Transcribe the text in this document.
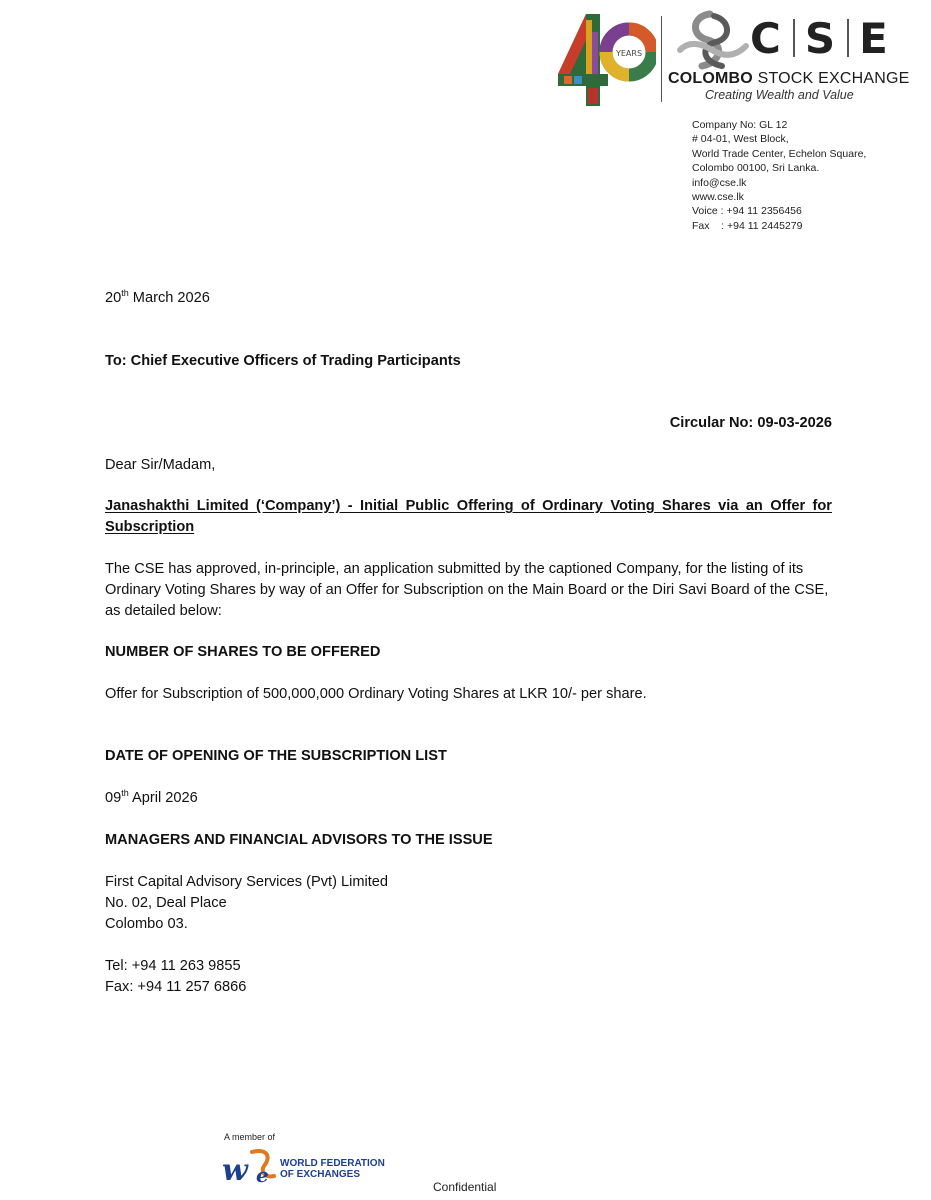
YEARS	C S E
COLOMBO STOCK EXCHANGE
Creating Wealth and Value
Company No: GL 12
# 04-01, West Block,
World Trade Center, Echelon Square,
Colombo 00100, Sri Lanka.
info@cse.lk
www.cse.lk
Voice : +94 11 2356456
Fax    : +94 11 2445279
20th March 2026
To: Chief Executive Officers of Trading Participants
Circular No: 09-03-2026
Dear Sir/Madam,
Janashakthi Limited (‘Company’) - Initial Public Offering of Ordinary Voting Shares via an Offer for Subscription
The CSE has approved, in-principle, an application submitted by the captioned Company, for the listing of its Ordinary Voting Shares by way of an Offer for Subscription on the Main Board or the Diri Savi Board of the CSE, as detailed below:
NUMBER OF SHARES TO BE OFFERED
Offer for Subscription of 500,000,000 Ordinary Voting Shares at LKR 10/- per share.
DATE OF OPENING OF THE SUBSCRIPTION LIST
09th April 2026
MANAGERS AND FINANCIAL ADVISORS TO THE ISSUE
First Capital Advisory Services (Pvt) Limited
No. 02, Deal Place
Colombo 03.
Tel: +94 11 263 9855
Fax: +94 11 257 6866
A member of
w e WORLD FEDERATION
OF EXCHANGES
Confidential
